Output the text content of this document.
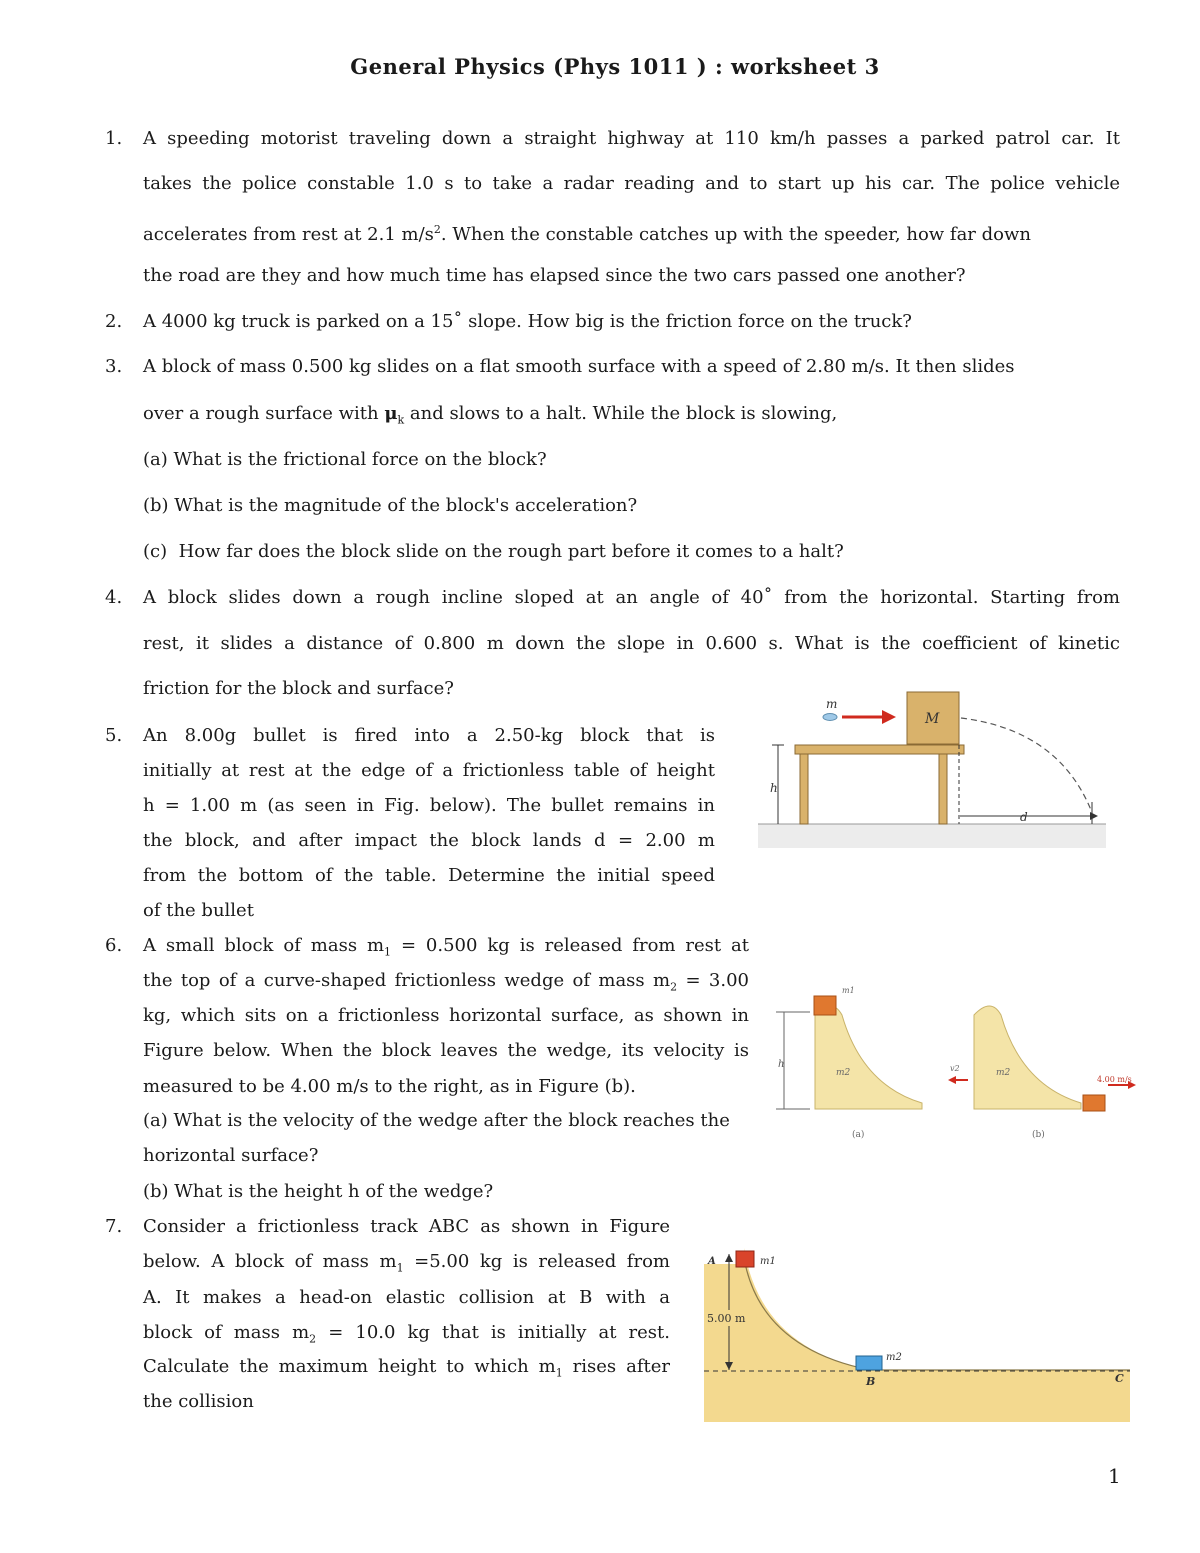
General Physics (Phys 1011 ) : worksheet 3
1. A speeding motorist traveling down a straight highway at 110 km/h passes a parked patrol car. It
takes the police constable 1.0 s to take a radar reading and to start up his car. The police vehicle
accelerates from rest at 2.1 $m/s^2$. When the constable catches up with the speeder, how far down
the road are they and how much time has elapsed since the two cars passed one another?
2. A 4000 kg truck is parked on a 15˚ slope. How big is the friction force on the truck?
3. A block of mass 0.500 kg slides on a flat smooth surface with a speed of 2.80 m/s. It then slides
over a rough surface with $\mu_k$ and slows to a halt. While the block is slowing,
(a) What is the frictional force on the block?
(b) What is the magnitude of the block's acceleration?
(c)  How far does the block slide on the rough part before it comes to a halt?
4. A block slides down a rough incline sloped at an angle of 40˚ from the horizontal. Starting from
rest, it slides a distance of 0.800 m down the slope in 0.600 s. What is the coefficient of kinetic
friction for the block and surface?
5. An 8.00g bullet is fired into a 2.50-kg block that is
initially at rest at the edge of a frictionless table of height
h = 1.00 m (as seen in Fig. below). The bullet remains in
the block, and after impact the block lands d = 2.00 m
from the bottom of the table. Determine the initial speed
of the bullet
6. A small block of mass $m_1 = 0.500$ kg is released from rest at
the top of a curve-shaped frictionless wedge of mass $m_2 = 3.00$
kg, which sits on a frictionless horizontal surface, as shown in
Figure below. When the block leaves the wedge, its velocity is
measured to be 4.00 m/s to the right, as in Figure (b).
(a) What is the velocity of the wedge after the block reaches the
horizontal surface?
(b) What is the height h of the wedge?
7. Consider a frictionless track ABC as shown in Figure
below. A block of mass $m_1 =5.00$ kg is released from
A. It makes a head-on elastic collision at B with a
block of mass $m_2 = 10.0$ kg that is initially at rest.
Calculate the maximum height to which $m_1$ rises after
the collision
m
M
h
d
h
m1
m2
(a)
m2
v2
4.00 m/s
(b)
m1
A
5.00 m
m2
B	C
1
